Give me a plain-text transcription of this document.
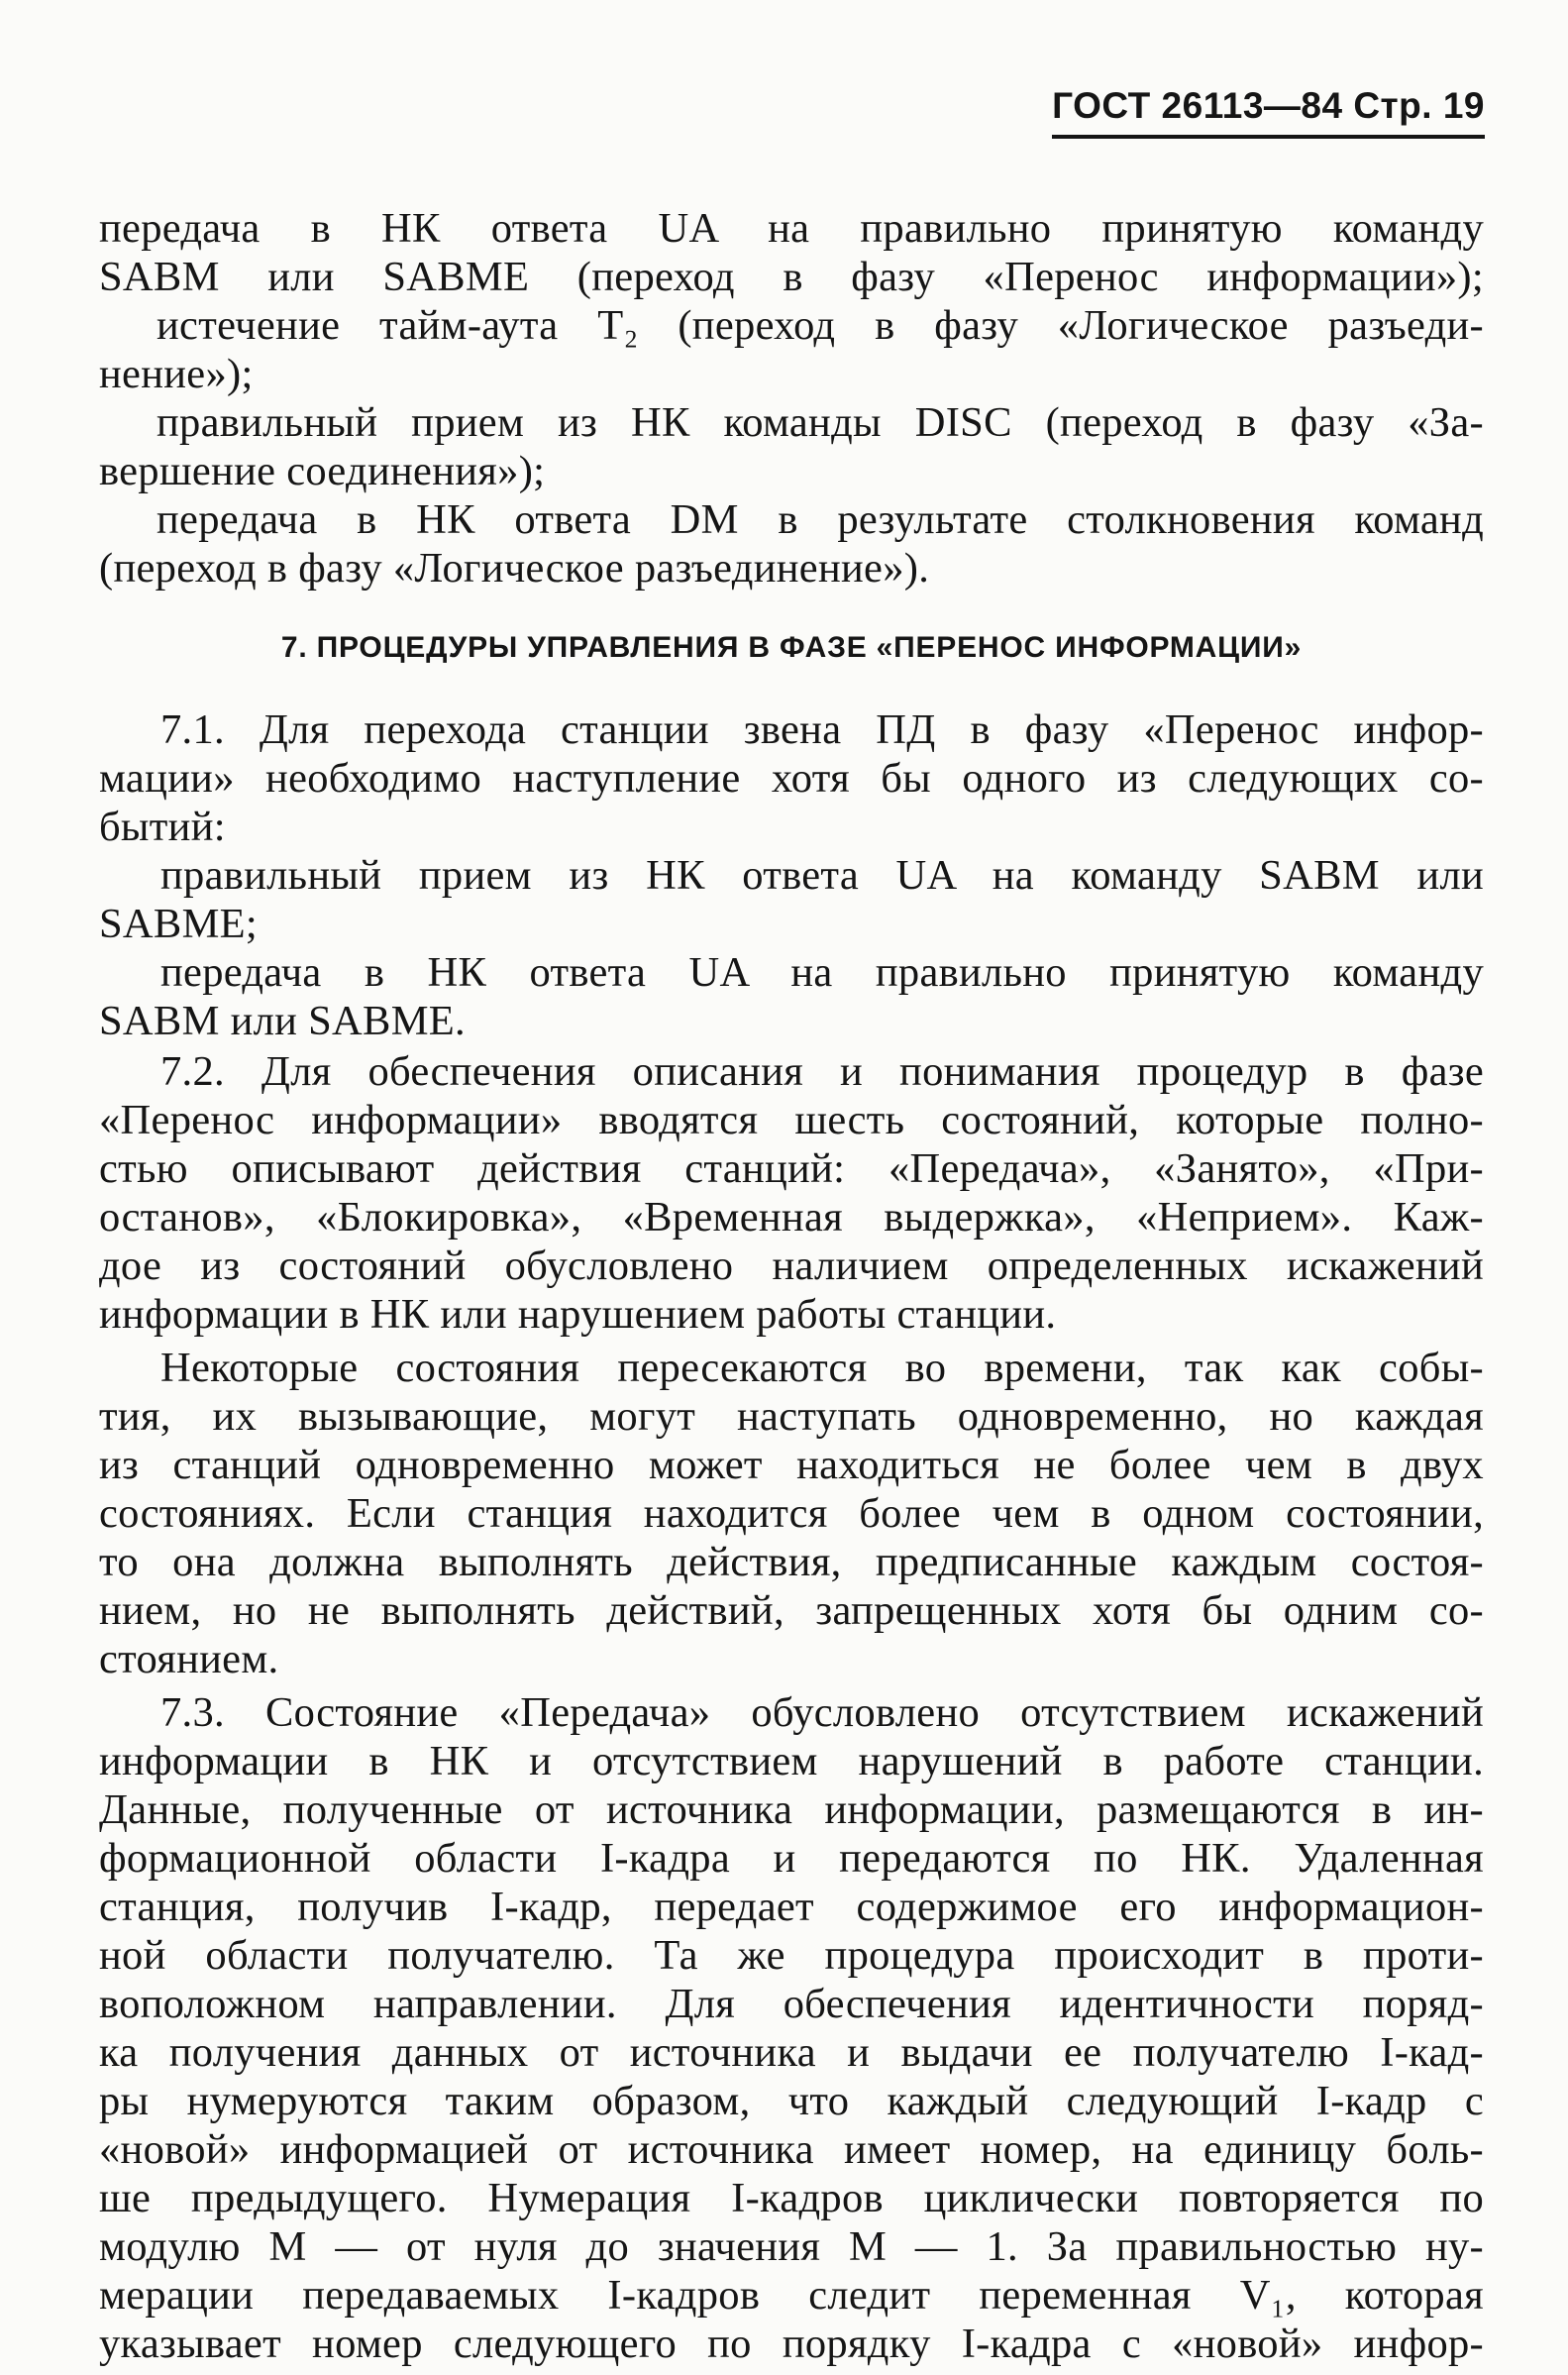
ГОСТ 26113—84 Стр. 19
передача в НК ответа UA на правильно принятую команду
SABM или SABME (переход в фазу «Перенос информации»);
истечение тайм-аута T₂ (переход в фазу «Логическое разъеди-
нение»);
правильный прием из НК команды DISC (переход в фазу «За-
вершение соединения»);
передача в НК ответа DM в результате столкновения команд
(переход в фазу «Логическое разъединение»).
7. ПРОЦЕДУРЫ УПРАВЛЕНИЯ В ФАЗЕ «ПЕРЕНОС ИНФОРМАЦИИ»
7.1. Для перехода станции звена ПД в фазу «Перенос инфор-
мации» необходимо наступление хотя бы одного из следующих со-
бытий:
правильный прием из НК ответа UA на команду SABM или
SABME;
передача в НК ответа UA на правильно принятую команду
SABM или SABME.
7.2. Для обеспечения описания и понимания процедур в фазе
«Перенос информации» вводятся шесть состояний, которые полно-
стью описывают действия станций: «Передача», «Занято», «При-
останов», «Блокировка», «Временная выдержка», «Неприем». Каж-
дое из состояний обусловлено наличием определенных искажений
информации в НК или нарушением работы станции.
Некоторые состояния пересекаются во времени, так как собы-
тия, их вызывающие, могут наступать одновременно, но каждая
из станций одновременно может находиться не более чем в двух
состояниях. Если станция находится более чем в одном состоянии,
то она должна выполнять действия, предписанные каждым состоя-
нием, но не выполнять действий, запрещенных хотя бы одним со-
стоянием.
7.3. Состояние «Передача» обусловлено отсутствием искажений
информации в НК и отсутствием нарушений в работе станции.
Данные, полученные от источника информации, размещаются в ин-
формационной области I-кадра и передаются по НК. Удаленная
станция, получив I-кадр, передает содержимое его информацион-
ной области получателю. Та же процедура происходит в проти-
воположном направлении. Для обеспечения идентичности поряд-
ка получения данных от источника и выдачи ее получателю I-кад-
ры нумеруются таким образом, что каждый следующий I-кадр с
«новой» информацией от источника имеет номер, на единицу боль-
ше предыдущего. Нумерация I-кадров циклически повторяется по
модулю M — от нуля до значения M — 1. За правильностью ну-
мерации передаваемых I-кадров следит переменная V₁, которая
указывает номер следующего по порядку I-кадра с «новой» инфор-
